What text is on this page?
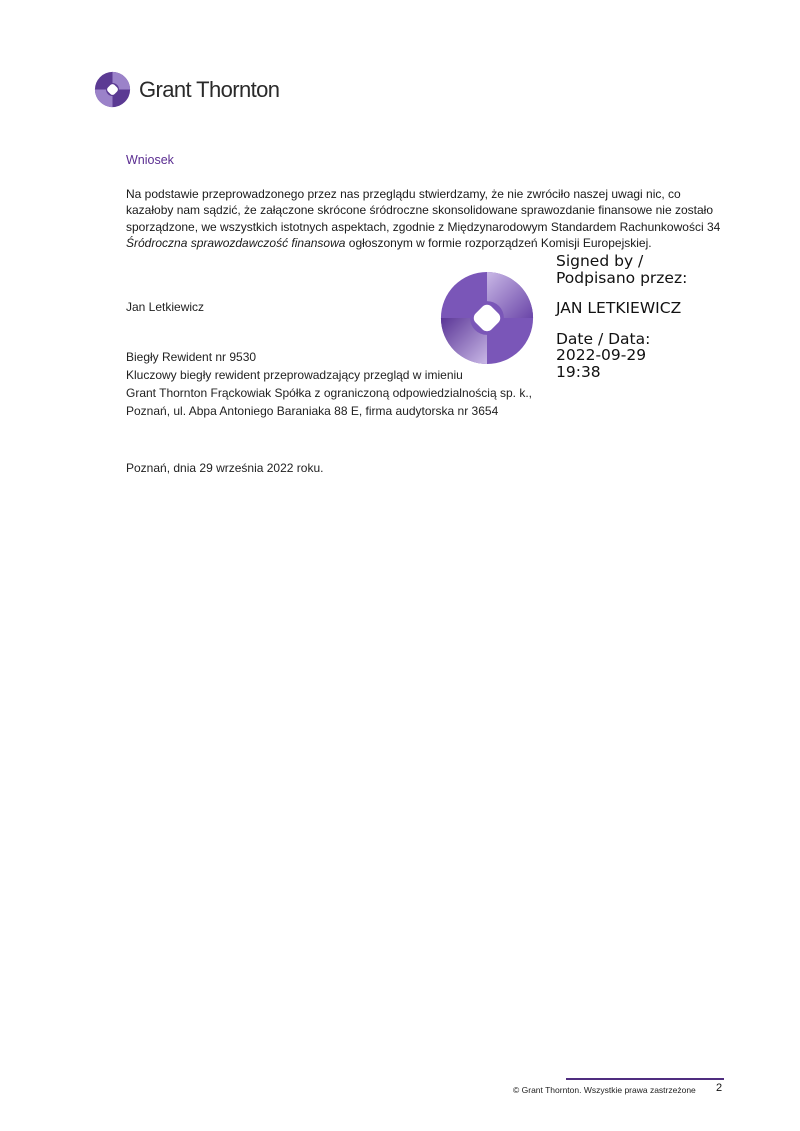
Grant Thornton
Wniosek
Na podstawie przeprowadzonego przez nas przeglądu stwierdzamy, że nie zwróciło naszej uwagi nic, co kazałoby nam sądzić, że załączone skrócone śródroczne skonsolidowane sprawozdanie finansowe nie zostało sporządzone, we wszystkich istotnych aspektach, zgodnie z Międzynarodowym Standardem Rachunkowości 34 Śródroczna sprawozdawczość finansowa ogłoszonym w formie rozporządzeń Komisji Europejskiej.
Jan Letkiewicz
Biegły Rewident nr 9530
Kluczowy biegły rewident przeprowadzający przegląd w imieniu
Grant Thornton Frąckowiak Spółka z ograniczoną odpowiedzialnością sp. k.,
Poznań, ul. Abpa Antoniego Baraniaka 88 E, firma audytorska nr 3654
Poznań, dnia 29 września 2022 roku.
Signed by /
Podpisano przez:
JAN LETKIEWICZ
Date / Data:
2022-09-29
19:38
© Grant Thornton. Wszystkie prawa zastrzeżone 2
